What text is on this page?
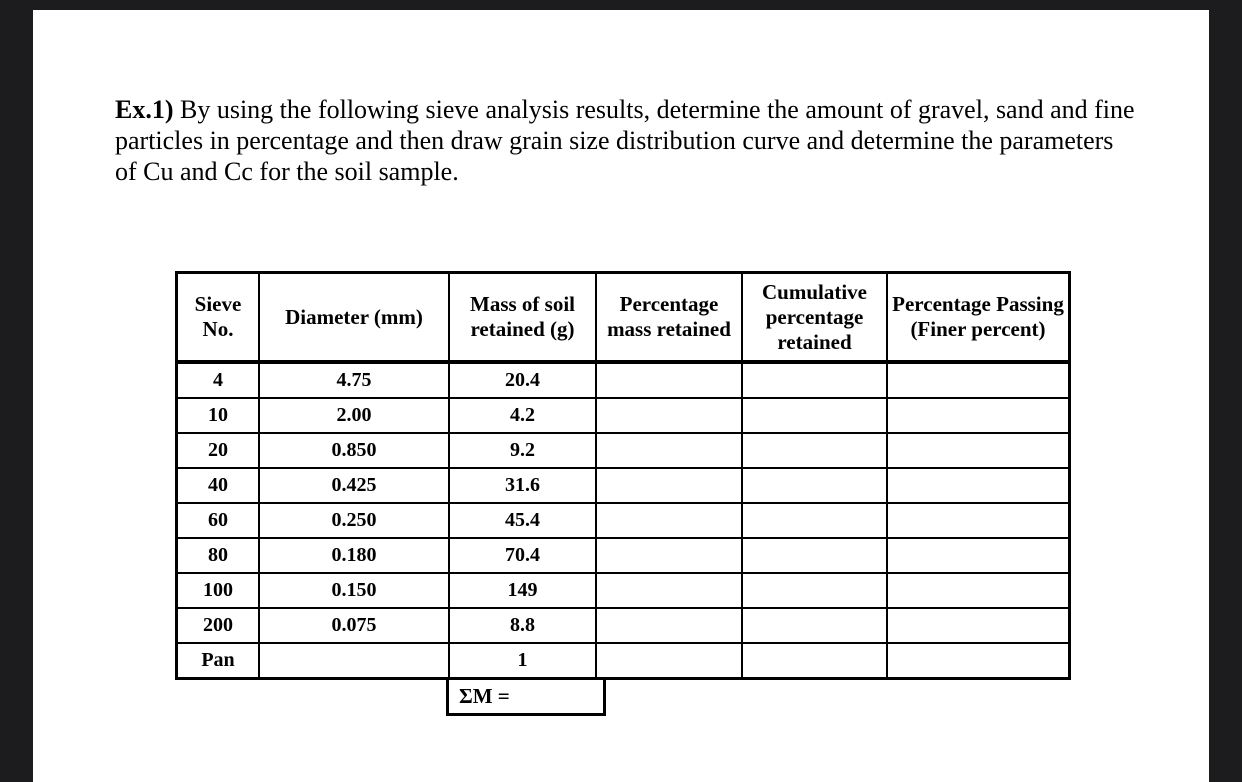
Ex.1) By using the following sieve analysis results, determine the amount of gravel, sand and fine particles in percentage and then draw grain size distribution curve and determine the parameters of Cu and Cc for the soil sample.
Sieve No.	Diameter (mm)	Mass of soil retained (g)	Percentage mass retained	Cumulative percentage retained	Percentage Passing (Finer percent)
4	4.75	20.4			
10	2.00	4.2			
20	0.850	9.2			
40	0.425	31.6			
60	0.250	45.4			
80	0.180	70.4			
100	0.150	149			
200	0.075	8.8			
Pan		1			
ΣM =
